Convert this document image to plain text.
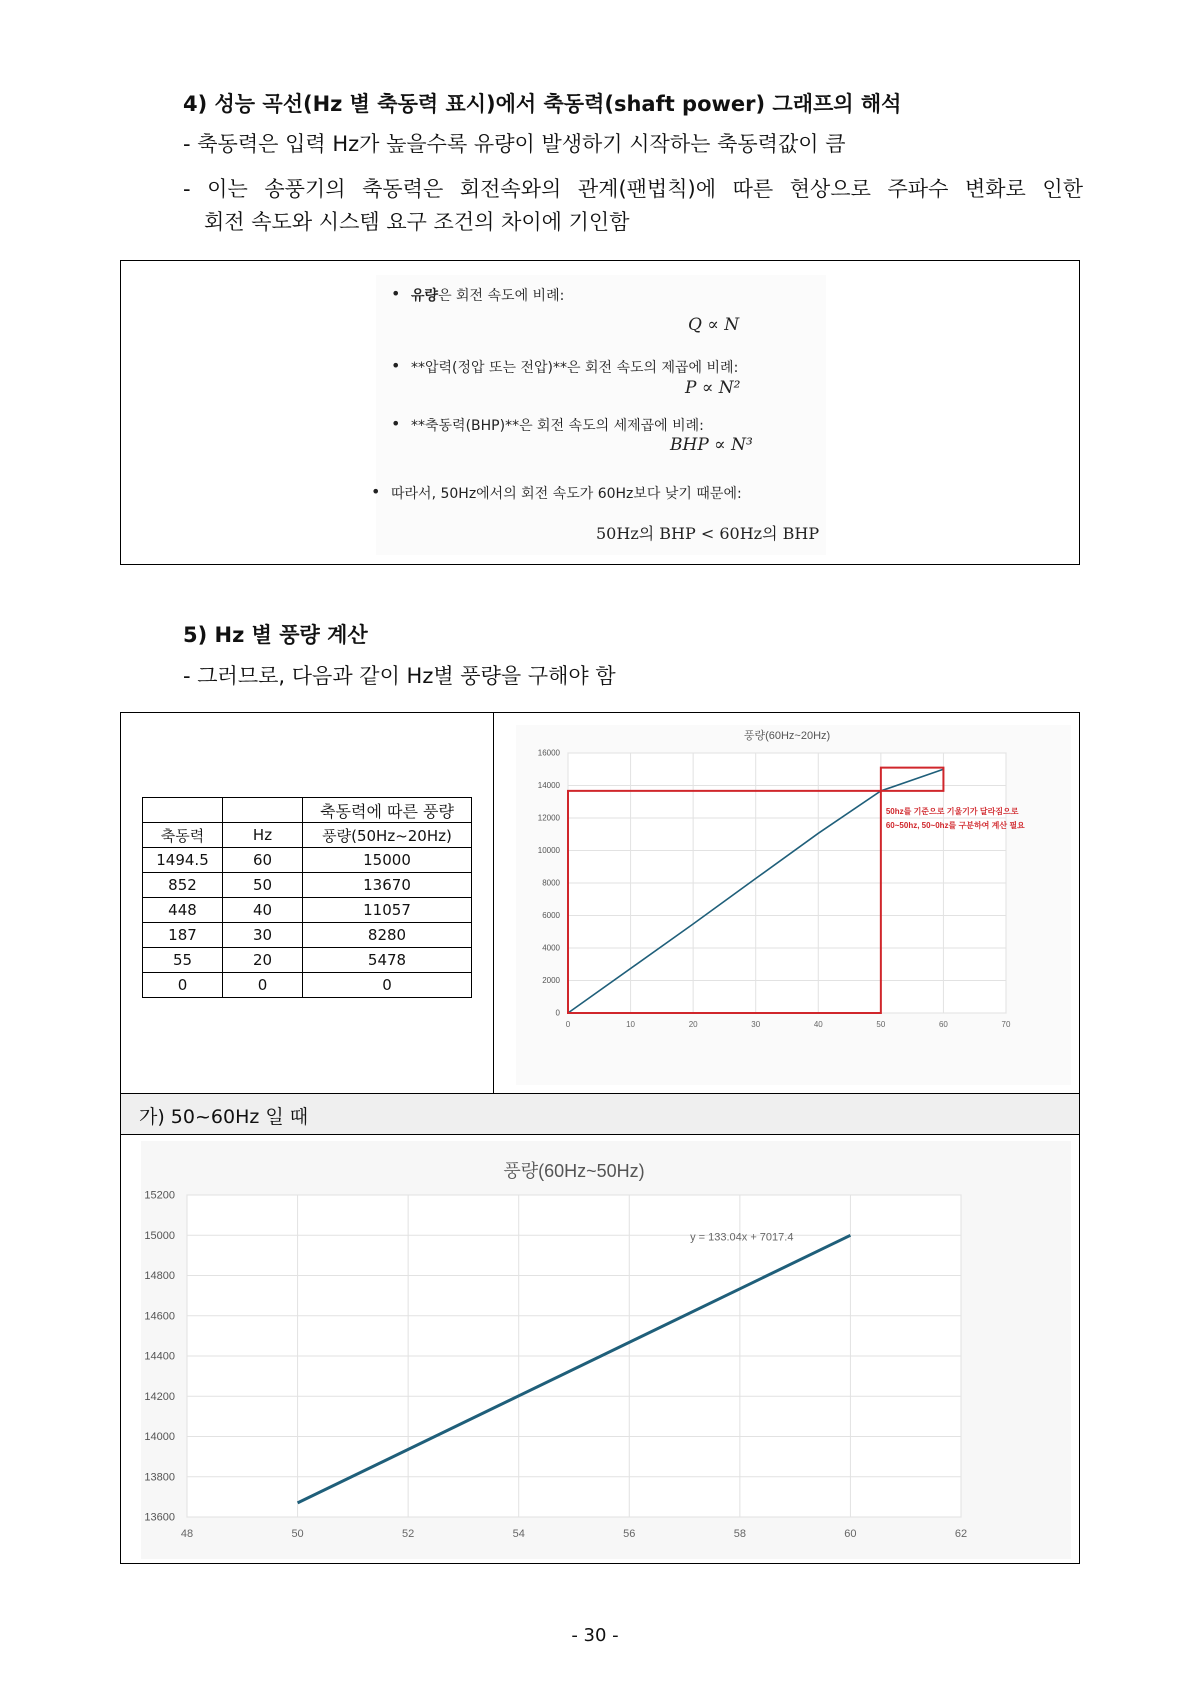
4) 성능 곡선(Hz 별 축동력 표시)에서 축동력(shaft power) 그래프의 해석
- 축동력은 입력 Hz가 높을수록 유량이 발생하기 시작하는 축동력값이 큼
- 이는 송풍기의 축동력은 회전속와의 관계(팬법칙)에 따른 현상으로 주파수 변화로 인한
회전 속도와 시스템 요구 조건의 차이에 기인함
• 유량은 회전 속도에 비례:
Q ∝ N
• **압력(정압 또는 전압)**은 회전 속도의 제곱에 비례:
P ∝ N²
• **축동력(BHP)**은 회전 속도의 세제곱에 비례:
BHP ∝ N³
• 따라서, 50Hz에서의 회전 속도가 60Hz보다 낮기 때문에:
50Hz의 BHP < 60Hz의 BHP
5) Hz 별 풍량 계산
- 그러므로, 다음과 같이 Hz별 풍량을 구해야 함
가) 50~60Hz 일 때
		축동력에 따른 풍량
축동력	Hz	풍량(50Hz~20Hz)
1494.5	60	15000
852	50	13670
448	40	11057
187	30	8280
55	20	5478
0	0	0
0	10	20	30	40	50	60	70
0
2000
4000
6000
8000
10000
12000
14000
16000
풍량(60Hz~20Hz)
50hz를 기준으로 기울기가 달라짐으로
60~50hz, 50~0hz를 구분하여 계산 필요
48	50	52	54	56	58	60	62
13600
13800
14000
14200
14400
14600
14800
15000
15200
풍량(60Hz~50Hz)
y = 133.04x + 7017.4
- 30 -
